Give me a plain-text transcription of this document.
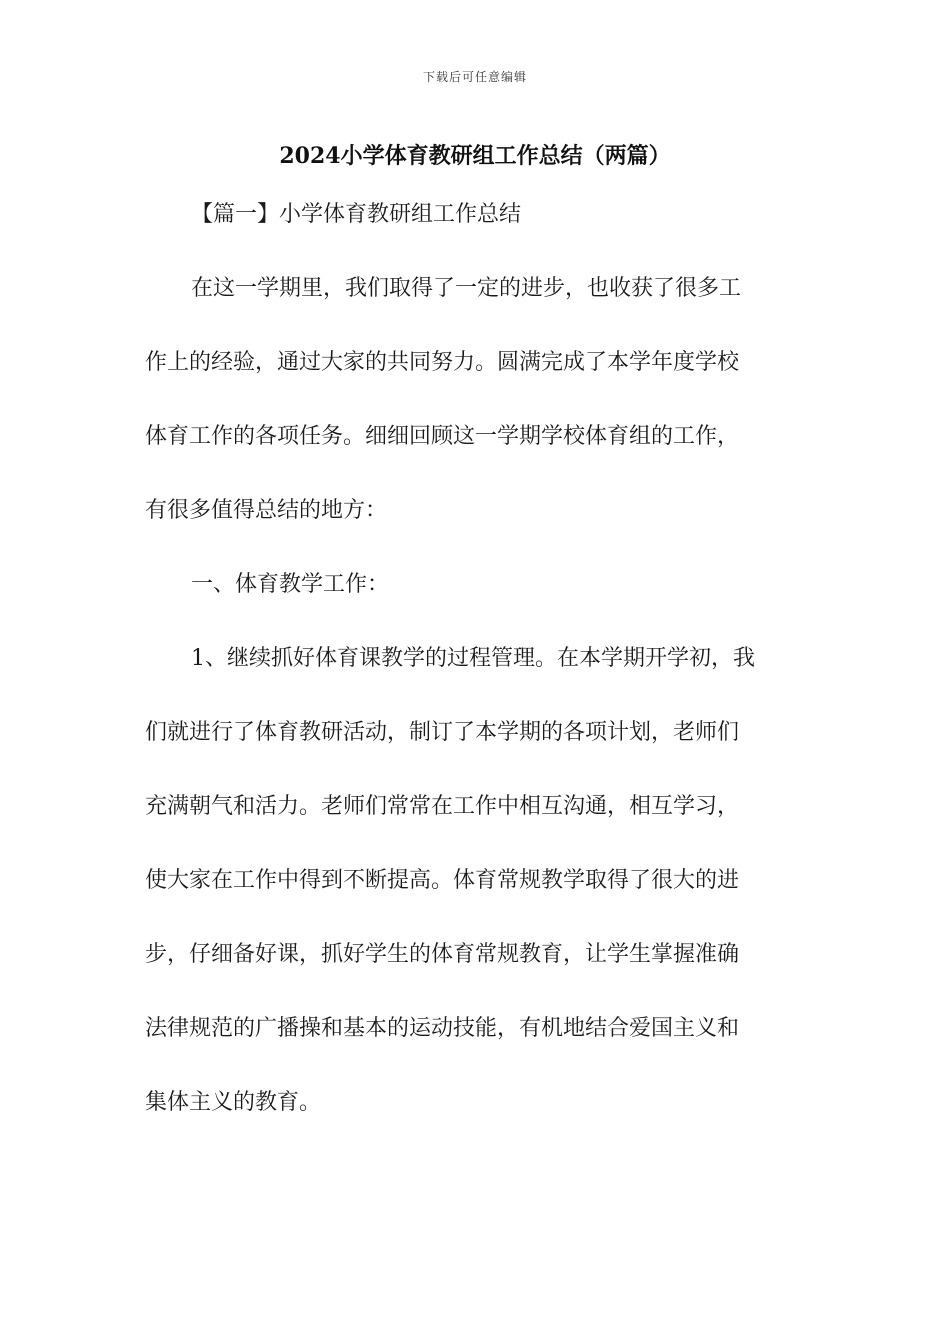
下载后可任意编辑
2024小学体育教研组工作总结（两篇）
【篇一】小学体育教研组工作总结
在这一学期里，我们取得了一定的进步，也收获了很多工
作上的经验，通过大家的共同努力。圆满完成了本学年度学校
体育工作的各项任务。细细回顾这一学期学校体育组的工作，
有很多值得总结的地方：
一、体育教学工作：
1、继续抓好体育课教学的过程管理。在本学期开学初，我
们就进行了体育教研活动，制订了本学期的各项计划，老师们
充满朝气和活力。老师们常常在工作中相互沟通，相互学习，
使大家在工作中得到不断提高。体育常规教学取得了很大的进
步，仔细备好课，抓好学生的体育常规教育，让学生掌握准确
法律规范的广播操和基本的运动技能，有机地结合爱国主义和
集体主义的教育。
